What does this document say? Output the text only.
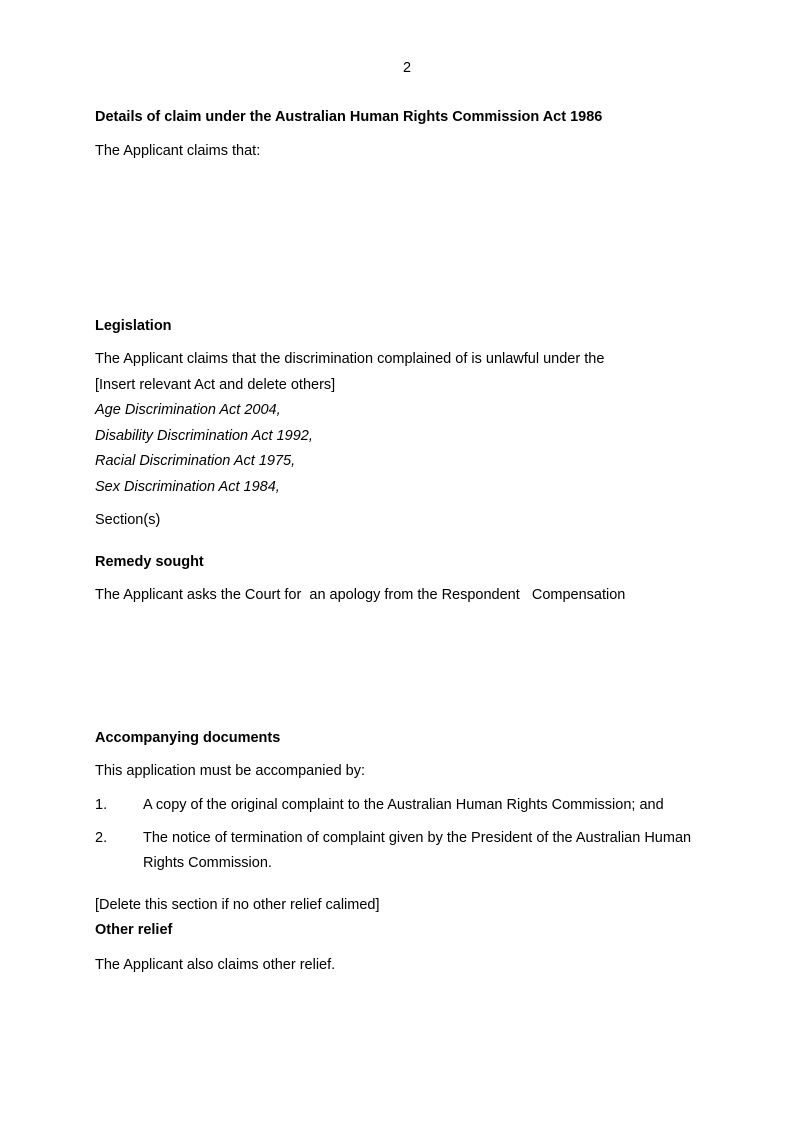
2
Details of claim under the Australian Human Rights Commission Act 1986
The Applicant claims that:
Legislation
The Applicant claims that the discrimination complained of is unlawful under the
[Insert relevant Act and delete others]
Age Discrimination Act 2004,
Disability Discrimination Act 1992,
Racial Discrimination Act 1975,
Sex Discrimination Act 1984,
Section(s)
Remedy sought
The Applicant asks the Court for  an apology from the Respondent   Compensation
Accompanying documents
This application must be accompanied by:
1. A copy of the original complaint to the Australian Human Rights Commission; and
2. The notice of termination of complaint given by the President of the Australian Human
Rights Commission.
[Delete this section if no other relief calimed]
Other relief
The Applicant also claims other relief.
